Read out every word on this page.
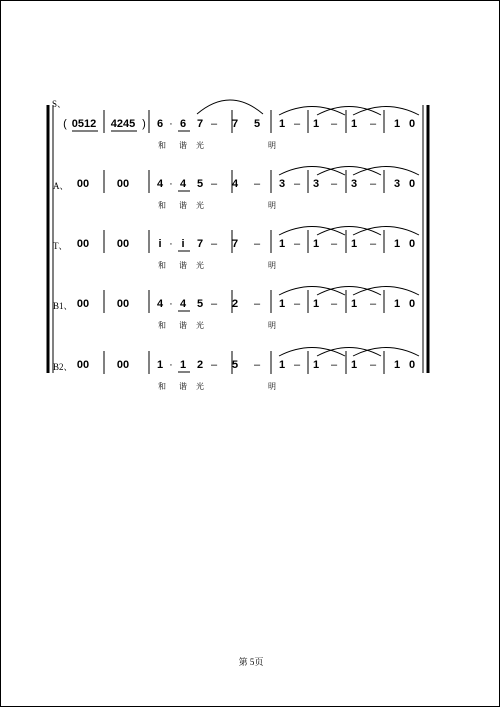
S、
( 0512 4245 ) 6 · 6 7 – 7 5 1 – 1 – 1 – 1 0
和 谐 光	明
A、 00	00	4 · 4 5 – 4 – 3 – 3 – 3 – 3 0
和 谐 光	明
T、 00	00	i · i	7 – 7 – 1 – 1 – 1 – 1 0
和 谐 光	明
B1、 00	00	4 · 4 5 – 2 – 1 – 1 – 1 – 1 0
和 谐 光	明
B2、 00	00	1 · 1 2 – 5 – 1 – 1 – 1 – 1 0
和 谐 光	明
第 5页
